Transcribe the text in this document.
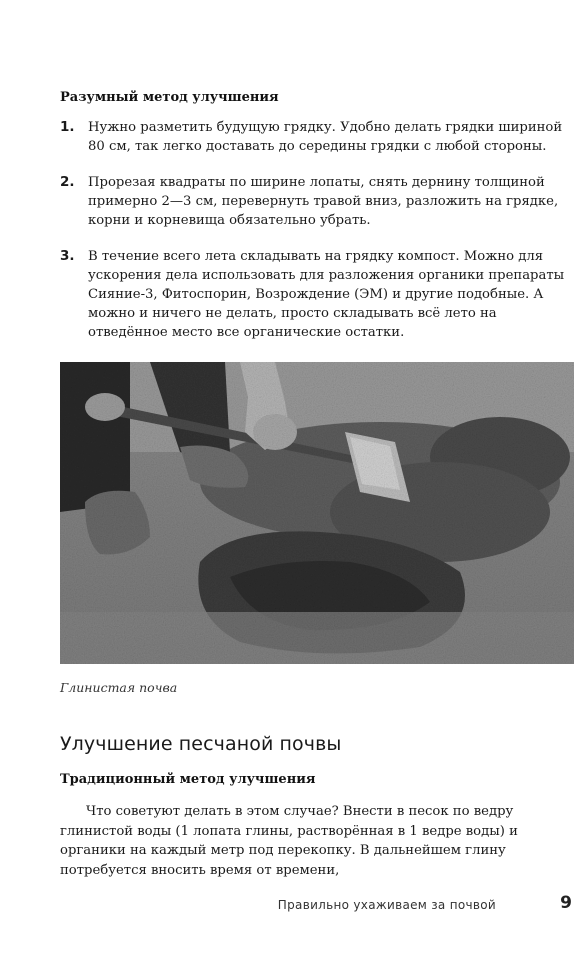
Разумный метод улучшения
1. Нужно разметить будущую грядку. Удобно делать грядки шириной 80 см, так легко доставать до середины грядки с любой стороны.
2. Прорезая квадраты по ширине лопаты, снять дернину толщиной примерно 2—3 см, перевернуть травой вниз, разложить на грядке, корни и корневища обязательно убрать.
3. В течение всего лета складывать на грядку компост. Можно для ускорения дела использовать для разложения органики препараты Сияние-3, Фитоспорин, Возрождение (ЭМ) и другие подобные. А можно и ничего не делать, просто складывать всё лето на отведённое место все органические остатки.
Глинистая почва
Улучшение песчаной почвы
Традиционный метод улучшения

Что советуют делать в этом случае? Внести в песок по ведру глинистой воды (1 лопата глины, растворённая в 1 ведре воды) и органики на каждый метр под перекопку. В дальнейшем глину потребуется вносить время от времени,

Правильно ухаживаем за почвой	9
